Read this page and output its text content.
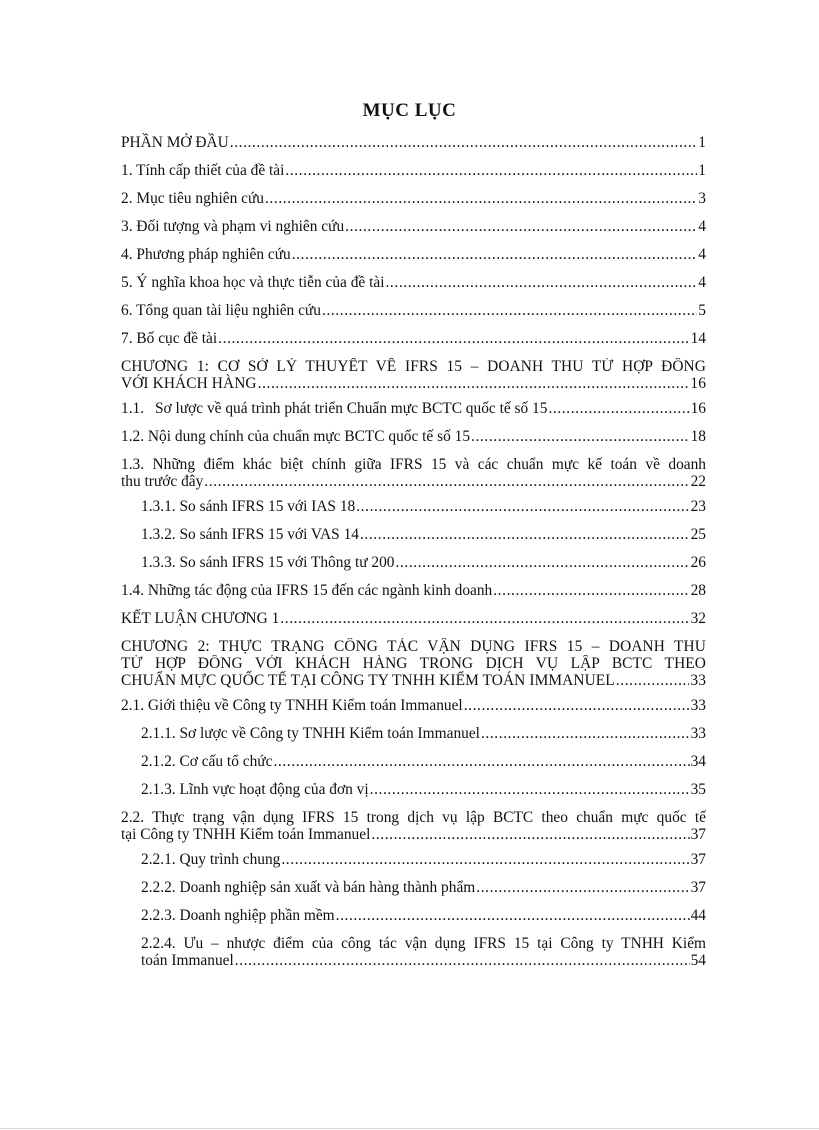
MỤC LỤC
PHẦN MỞ ĐẦU .....	1
1. Tính cấp thiết của đề tài .....	1
2. Mục tiêu nghiên cứu .....	3
3. Đối tượng và phạm vi nghiên cứu .....	4
4. Phương pháp nghiên cứu .....	4
5. Ý nghĩa khoa học và thực tiễn của đề tài .....	4
6. Tổng quan tài liệu nghiên cứu .....	5
7. Bố cục đề tài .....	14
CHƯƠNG 1: CƠ SỞ LÝ THUYẾT VỀ IFRS 15 – DOANH THU TỪ HỢP ĐỒNG
VỚI KHÁCH HÀNG .....	16
1.1. Sơ lược về quá trình phát triển Chuẩn mực BCTC quốc tế số 15 .....	16
1.2. Nội dung chính của chuẩn mực BCTC quốc tế số 15 .....	18
1.3. Những điểm khác biệt chính giữa IFRS 15 và các chuẩn mực kế toán về doanh
thu trước đây .....	22
1.3.1. So sánh IFRS 15 với IAS 18 .....	23
1.3.2. So sánh IFRS 15 với VAS 14 .....	25
1.3.3. So sánh IFRS 15 với Thông tư 200 .....	26
1.4. Những tác động của IFRS 15 đến các ngành kinh doanh .....	28
KẾT LUẬN CHƯƠNG 1 .....	32
CHƯƠNG 2: THỰC TRẠNG CÔNG TÁC VẬN DỤNG IFRS 15 – DOANH THU
TỪ HỢP ĐỒNG VỚI KHÁCH HÀNG TRONG DỊCH VỤ LẬP BCTC THEO
CHUẨN MỰC QUỐC TẾ TẠI CÔNG TY TNHH KIỂM TOÁN IMMANUEL .....	33
2.1. Giới thiệu về Công ty TNHH Kiểm toán Immanuel .....	33
2.1.1. Sơ lược về Công ty TNHH Kiểm toán Immanuel .....	33
2.1.2. Cơ cấu tổ chức .....	34
2.1.3. Lĩnh vực hoạt động của đơn vị .....	35
2.2. Thực trạng vận dụng IFRS 15 trong dịch vụ lập BCTC theo chuẩn mực quốc tế
tại Công ty TNHH Kiểm toán Immanuel .....	37
2.2.1. Quy trình chung .....	37
2.2.2. Doanh nghiệp sản xuất và bán hàng thành phẩm .....	37
2.2.3. Doanh nghiệp phần mềm .....	44
2.2.4. Ưu – nhược điểm của công tác vận dụng IFRS 15 tại Công ty TNHH Kiểm
toán Immanuel .....	54
